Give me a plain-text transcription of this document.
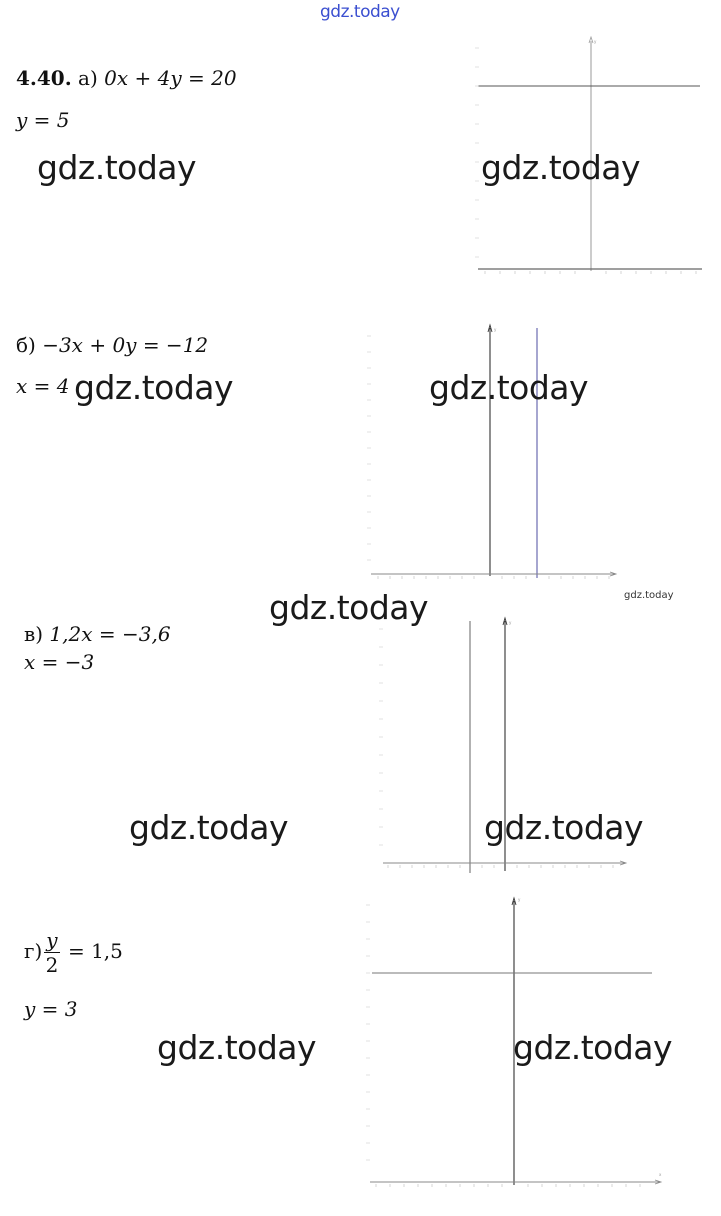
gdz.today
4.40. а) 0x + 4y = 20
y = 5
gdz.today
y
gdz.today
б) −3x + 0y = −12
x = 4 gdz.today
y
gdz.today
gdz.today
gdz.today
в) 1,2x = −3,6
x = −3
y
gdz.today	gdz.today
$г) \frac{y}{2} = 1,5$
y = 3
y
x
gdz.today	gdz.today
